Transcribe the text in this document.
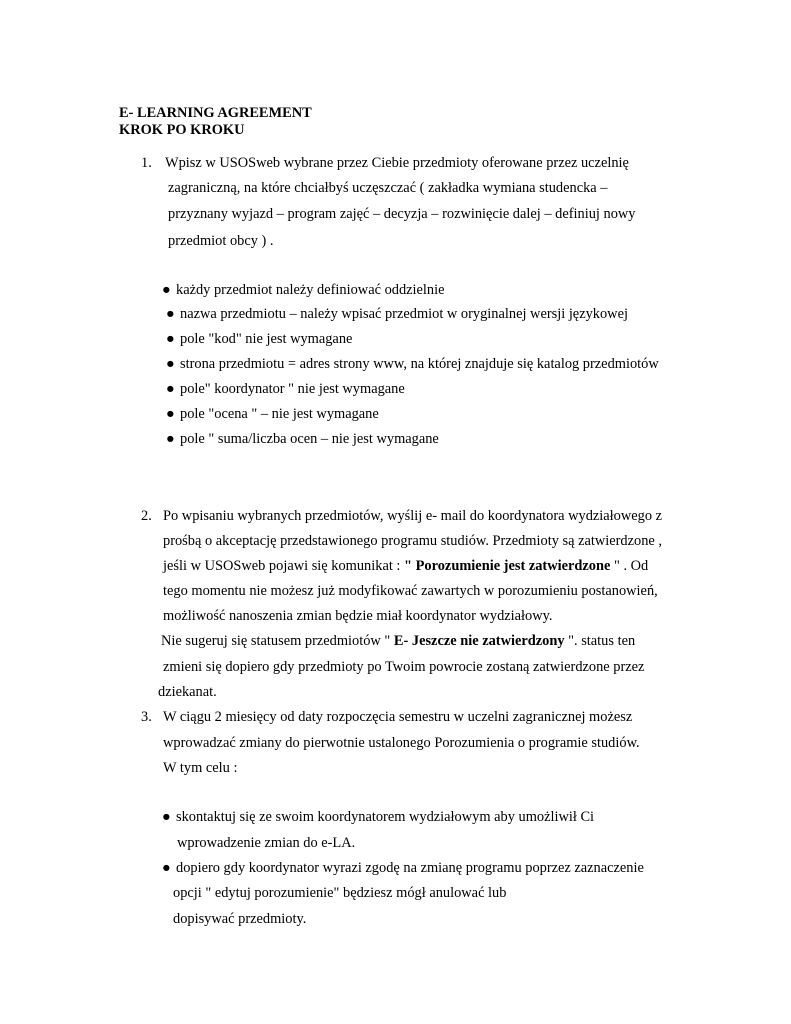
E- LEARNING AGREEMENT
KROK PO KROKU
1. Wpisz w USOSweb wybrane przez Ciebie przedmioty oferowane przez uczelnię
zagraniczną, na które chciałbyś uczęszczać ( zakładka wymiana studencka –
przyznany wyjazd – program zajęć – decyzja – rozwinięcie dalej – definiuj nowy
przedmiot obcy ) .
● każdy przedmiot należy definiować oddzielnie
● nazwa przedmiotu – należy wpisać przedmiot w oryginalnej wersji językowej
● pole "kod" nie jest wymagane
● strona przedmiotu = adres strony www, na której znajduje się katalog przedmiotów
● pole" koordynator " nie jest wymagane
● pole "ocena " – nie jest wymagane
● pole " suma/liczba ocen – nie jest wymagane
2. Po wpisaniu wybranych przedmiotów, wyślij e- mail do koordynatora wydziałowego z
prośbą o akceptację przedstawionego programu studiów. Przedmioty są zatwierdzone ,
jeśli w USOSweb pojawi się komunikat : " Porozumienie jest zatwierdzone " . Od
tego momentu nie możesz już modyfikować zawartych w porozumieniu postanowień,
możliwość nanoszenia zmian będzie miał koordynator wydziałowy.
Nie sugeruj się statusem przedmiotów " E- Jeszcze nie zatwierdzony ". status ten
zmieni się dopiero gdy przedmioty po Twoim powrocie zostaną zatwierdzone przez
dziekanat.
3. W ciągu 2 miesięcy od daty rozpoczęcia semestru w uczelni zagranicznej możesz
wprowadzać zmiany do pierwotnie ustalonego Porozumienia o programie studiów.
W tym celu :
● skontaktuj się ze swoim koordynatorem wydziałowym aby umożliwił Ci
wprowadzenie zmian do e-LA.
● dopiero gdy koordynator wyrazi zgodę na zmianę programu poprzez zaznaczenie
opcji " edytuj porozumienie" będziesz mógł anulować lub
dopisywać przedmioty.
